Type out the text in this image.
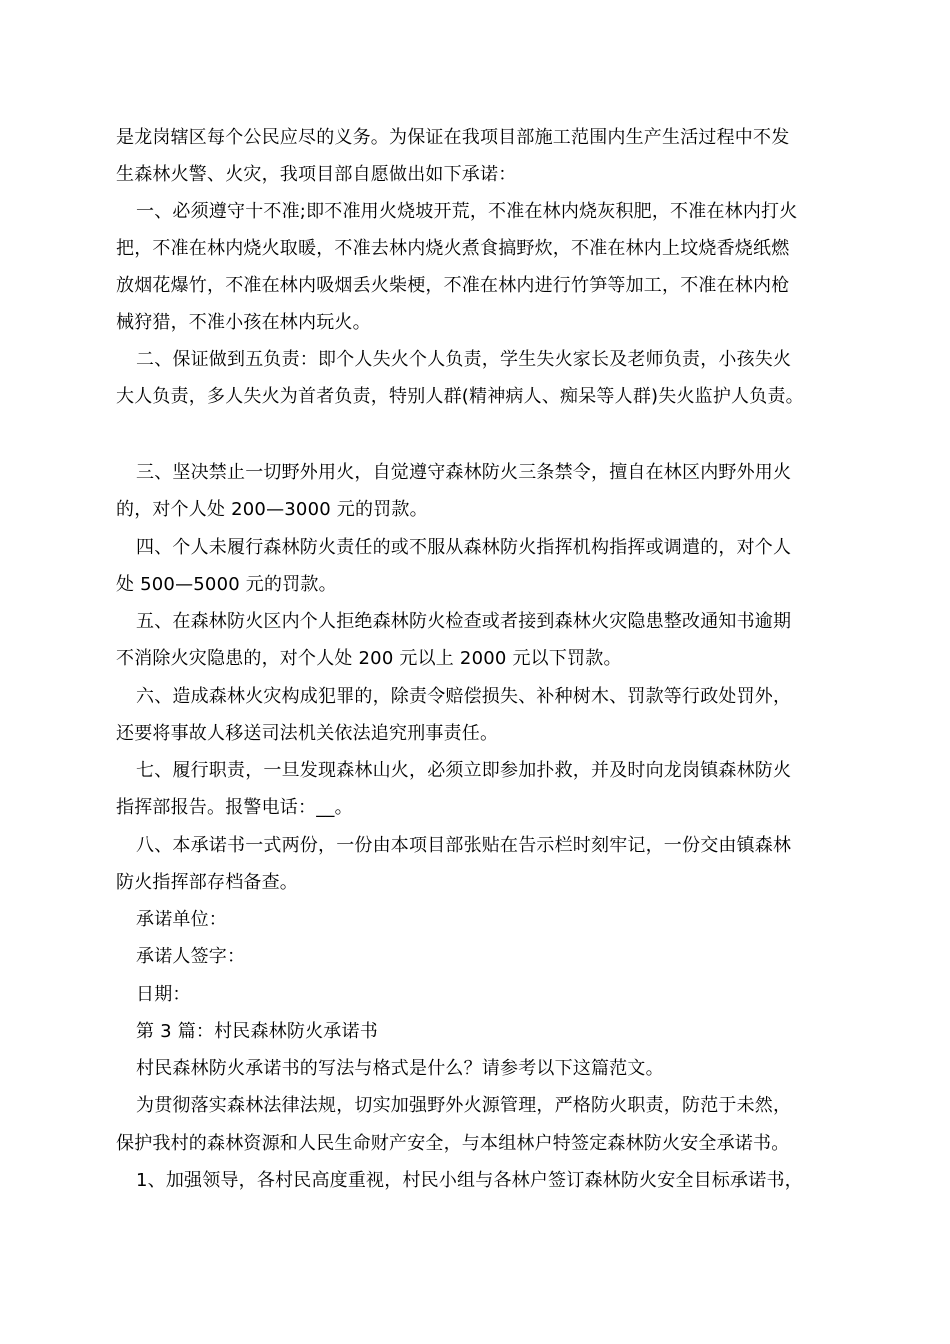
是龙岗辖区每个公民应尽的义务。为保证在我项目部施工范围内生产生活过程中不发
生森林火警、火灾，我项目部自愿做出如下承诺：
一、必须遵守十不准;即不准用火烧坡开荒，不准在林内烧灰积肥，不准在林内打火
把，不准在林内烧火取暖，不准去林内烧火煮食搞野炊，不准在林内上坟烧香烧纸燃
放烟花爆竹，不准在林内吸烟丢火柴梗，不准在林内进行竹笋等加工，不准在林内枪
械狩猎，不准小孩在林内玩火。
二、保证做到五负责：即个人失火个人负责，学生失火家长及老师负责，小孩失火
大人负责，多人失火为首者负责，特别人群(精神病人、痴呆等人群)失火监护人负责。
三、坚决禁止一切野外用火，自觉遵守森林防火三条禁令，擅自在林区内野外用火
的，对个人处 200—3000 元的罚款。
四、个人未履行森林防火责任的或不服从森林防火指挥机构指挥或调遣的，对个人
处 500—5000 元的罚款。
五、在森林防火区内个人拒绝森林防火检查或者接到森林火灾隐患整改通知书逾期
不消除火灾隐患的，对个人处 200 元以上 2000 元以下罚款。
六、造成森林火灾构成犯罪的，除责令赔偿损失、补种树木、罚款等行政处罚外，
还要将事故人移送司法机关依法追究刑事责任。
七、履行职责，一旦发现森林山火，必须立即参加扑救，并及时向龙岗镇森林防火
指挥部报告。报警电话：__。
八、本承诺书一式两份，一份由本项目部张贴在告示栏时刻牢记，一份交由镇森林
防火指挥部存档备查。
承诺单位：
承诺人签字：
日期：
第 3 篇：村民森林防火承诺书
村民森林防火承诺书的写法与格式是什么？请参考以下这篇范文。
为贯彻落实森林法律法规，切实加强野外火源管理，严格防火职责，防范于未然，
保护我村的森林资源和人民生命财产安全，与本组林户特签定森林防火安全承诺书。
1、加强领导，各村民高度重视，村民小组与各林户签订森林防火安全目标承诺书，
